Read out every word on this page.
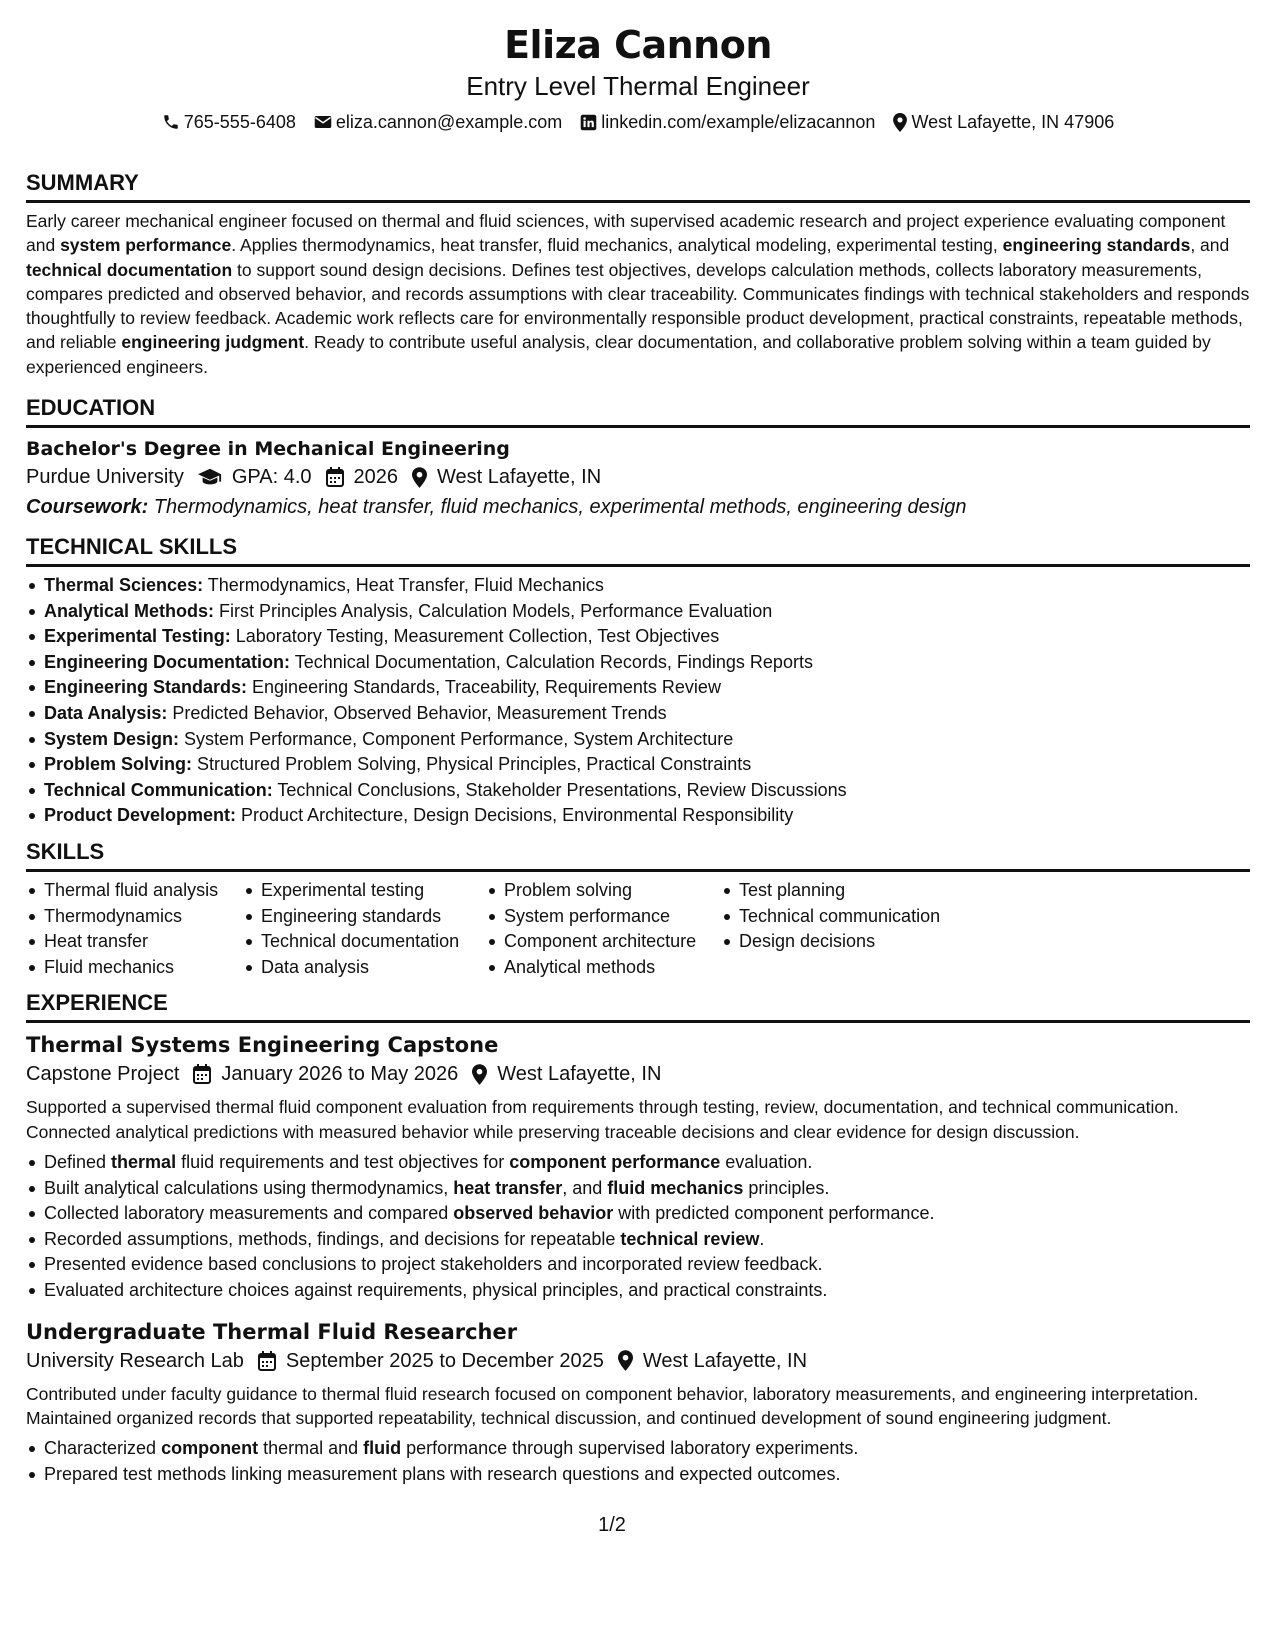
Eliza Cannon
Entry Level Thermal Engineer
765-555-6408 eliza.cannon@example.com linkedin.com/example/elizacannon West Lafayette, IN 47906
SUMMARY
Early career mechanical engineer focused on thermal and fluid sciences, with supervised academic research and project experience evaluating component and system performance. Applies thermodynamics, heat transfer, fluid mechanics, analytical modeling, experimental testing, engineering standards, and technical documentation to support sound design decisions. Defines test objectives, develops calculation methods, collects laboratory measurements, compares predicted and observed behavior, and records assumptions with clear traceability. Communicates findings with technical stakeholders and responds thoughtfully to review feedback. Academic work reflects care for environmentally responsible product development, practical constraints, repeatable methods, and reliable engineering judgment. Ready to contribute useful analysis, clear documentation, and collaborative problem solving within a team guided by experienced engineers.
EDUCATION
Bachelor's Degree in Mechanical Engineering
Purdue University GPA: 4.0 2026 West Lafayette, IN
Coursework: Thermodynamics, heat transfer, fluid mechanics, experimental methods, engineering design
TECHNICAL SKILLS
Thermal Sciences: Thermodynamics, Heat Transfer, Fluid Mechanics
Analytical Methods: First Principles Analysis, Calculation Models, Performance Evaluation
Experimental Testing: Laboratory Testing, Measurement Collection, Test Objectives
Engineering Documentation: Technical Documentation, Calculation Records, Findings Reports
Engineering Standards: Engineering Standards, Traceability, Requirements Review
Data Analysis: Predicted Behavior, Observed Behavior, Measurement Trends
System Design: System Performance, Component Performance, System Architecture
Problem Solving: Structured Problem Solving, Physical Principles, Practical Constraints
Technical Communication: Technical Conclusions, Stakeholder Presentations, Review Discussions
Product Development: Product Architecture, Design Decisions, Environmental Responsibility
SKILLS
Thermal fluid analysis
Thermodynamics
Heat transfer
Fluid mechanics
Experimental testing
Engineering standards
Technical documentation
Data analysis
Problem solving
System performance
Component architecture
Analytical methods
Test planning
Technical communication
Design decisions
EXPERIENCE
Thermal Systems Engineering Capstone
Capstone Project January 2026 to May 2026 West Lafayette, IN
Supported a supervised thermal fluid component evaluation from requirements through testing, review, documentation, and technical communication. Connected analytical predictions with measured behavior while preserving traceable decisions and clear evidence for design discussion.
Defined thermal fluid requirements and test objectives for component performance evaluation.
Built analytical calculations using thermodynamics, heat transfer, and fluid mechanics principles.
Collected laboratory measurements and compared observed behavior with predicted component performance.
Recorded assumptions, methods, findings, and decisions for repeatable technical review.
Presented evidence based conclusions to project stakeholders and incorporated review feedback.
Evaluated architecture choices against requirements, physical principles, and practical constraints.
Undergraduate Thermal Fluid Researcher
University Research Lab September 2025 to December 2025 West Lafayette, IN
Contributed under faculty guidance to thermal fluid research focused on component behavior, laboratory measurements, and engineering interpretation. Maintained organized records that supported repeatability, technical discussion, and continued development of sound engineering judgment.
Characterized component thermal and fluid performance through supervised laboratory experiments.
Prepared test methods linking measurement plans with research questions and expected outcomes.
1/2
